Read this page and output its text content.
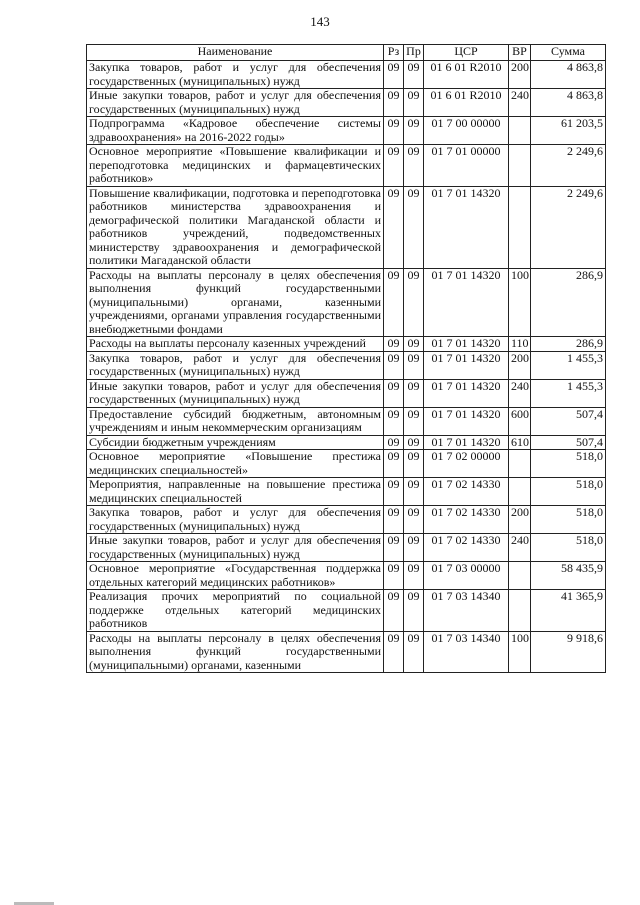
143
Наименование	Рз	Пр	ЦСР	ВР	Сумма
Закупка товаров, работ и услуг для обеспечения государственных (муниципальных) нужд	09	09	01 6 01 R2010	200	4 863,8
Иные закупки товаров, работ и услуг для обеспечения государственных (муниципальных) нужд	09	09	01 6 01 R2010	240	4 863,8
Подпрограмма «Кадровое обеспечение системы здравоохранения» на 2016-2022 годы»	09	09	01 7 00 00000		61 203,5
Основное мероприятие «Повышение квалификации и переподготовка медицинских и фармацевтических работников»	09	09	01 7 01 00000		2 249,6
Повышение квалификации, подготовка и переподготовка работников министерства здравоохранения и демографической политики Магаданской области и работников учреждений, подведомственных министерству здравоохранения и демографической политики Магаданской области	09	09	01 7 01 14320		2 249,6
Расходы на выплаты персоналу в целях обеспечения выполнения функций государственными (муниципальными) органами, казенными учреждениями, органами управления государственными внебюджетными фондами	09	09	01 7 01 14320	100	286,9
Расходы на выплаты персоналу казенных учреждений	09	09	01 7 01 14320	110	286,9
Закупка товаров, работ и услуг для обеспечения государственных (муниципальных) нужд	09	09	01 7 01 14320	200	1 455,3
Иные закупки товаров, работ и услуг для обеспечения государственных (муниципальных) нужд	09	09	01 7 01 14320	240	1 455,3
Предоставление субсидий бюджетным, автономным учреждениям и иным некоммерческим организациям	09	09	01 7 01 14320	600	507,4
Субсидии бюджетным учреждениям	09	09	01 7 01 14320	610	507,4
Основное мероприятие «Повышение престижа медицинских специальностей»	09	09	01 7 02 00000		518,0
Мероприятия, направленные на повышение престижа медицинских специальностей	09	09	01 7 02 14330		518,0
Закупка товаров, работ и услуг для обеспечения государственных (муниципальных) нужд	09	09	01 7 02 14330	200	518,0
Иные закупки товаров, работ и услуг для обеспечения государственных (муниципальных) нужд	09	09	01 7 02 14330	240	518,0
Основное мероприятие «Государственная поддержка отдельных категорий медицинских работников»	09	09	01 7 03 00000		58 435,9
Реализация прочих мероприятий по социальной поддержке отдельных категорий медицинских работников	09	09	01 7 03 14340		41 365,9
Расходы на выплаты персоналу в целях обеспечения выполнения функций государственными (муниципальными) органами, казенными	09	09	01 7 03 14340	100	9 918,6
